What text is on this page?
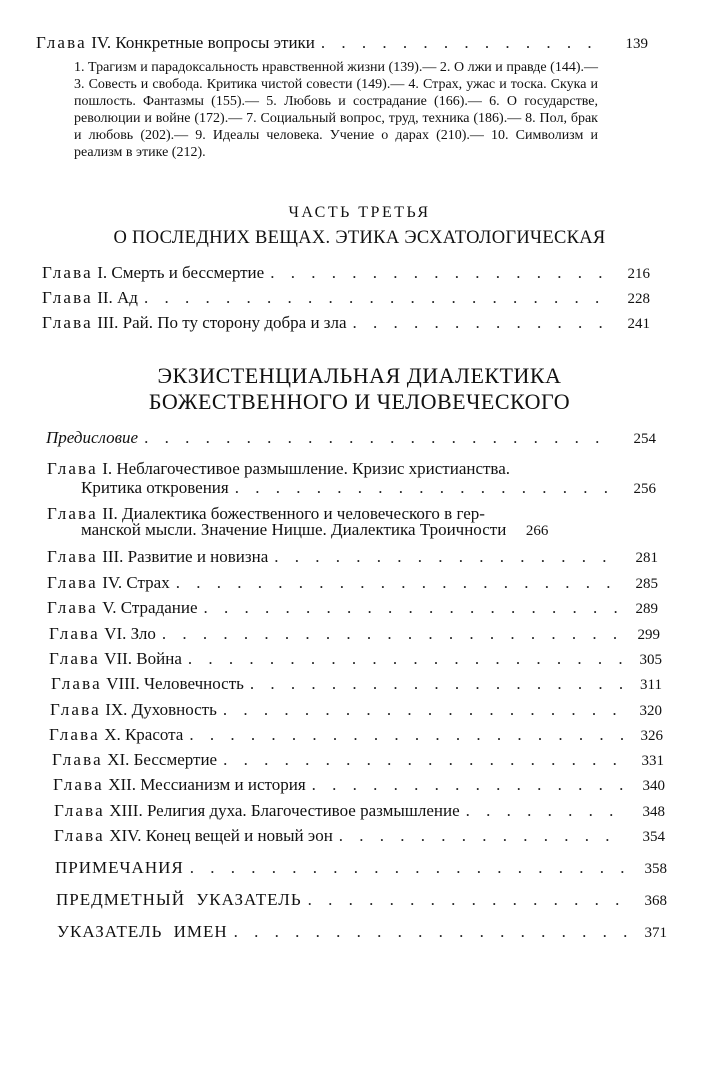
Глава IV. Конкретные вопросы этики . . .	139
1. Трагизм и парадоксальность нравственной жизни (139).— 2. О лжи и правде (144).— 3. Совесть и свобода. Критика чистой совести (149).— 4. Страх, ужас и тоска. Скука и пошлость. Фантазмы (155).— 5. Любовь и сострадание (166).— 6. О государстве, революции и войне (172).— 7. Социальный вопрос, труд, техника (186).— 8. Пол, брак и любовь (202).— 9. Идеалы человека. Учение о дарах (210).— 10. Символизм и реализм в этике (212).
ЧАСТЬ ТРЕТЬЯ
О ПОСЛЕДНИХ ВЕЩАХ. ЭТИКА ЭСХАТОЛОГИЧЕСКАЯ
Глава I. Смерть и бессмертие . . .	216
Глава II. Ад . . .	228
Глава III. Рай. По ту сторону добра и зла . . .	241
ЭКЗИСТЕНЦИАЛЬНАЯ ДИАЛЕКТИКА
БОЖЕСТВЕННОГО И ЧЕЛОВЕЧЕСКОГО
Предисловие . . .	254
Глава
I. Неблагочестивое размышление. Кризис христианства.
Критика откровения . . .	256
Глава
II. Диалектика божественного и человеческого в гер-
манской мысли. Значение Ницше. Диалектика Троичности	266
Глава III. Развитие и новизна . . .	281
Глава IV. Страх . . .	285
Глава V. Страдание . . .	289
Глава VI. Зло . . .	299
Глава VII. Война . . .	305
Глава VIII. Человечность . . .	311
Глава IX. Духовность . . .	320
Глава X. Красота . . .	326
Глава XI. Бессмертие . . .	331
Глава XII. Мессианизм и история . . .	340
Глава XIII. Религия духа. Благочестивое размышление . . .	348
Глава XIV. Конец вещей и новый эон . . .	354
ПРИМЕЧАНИЯ . . .	358
ПРЕДМЕТНЫЙ УКАЗАТЕЛЬ . . .	368
УКАЗАТЕЛЬ ИМЕН . . .	371
